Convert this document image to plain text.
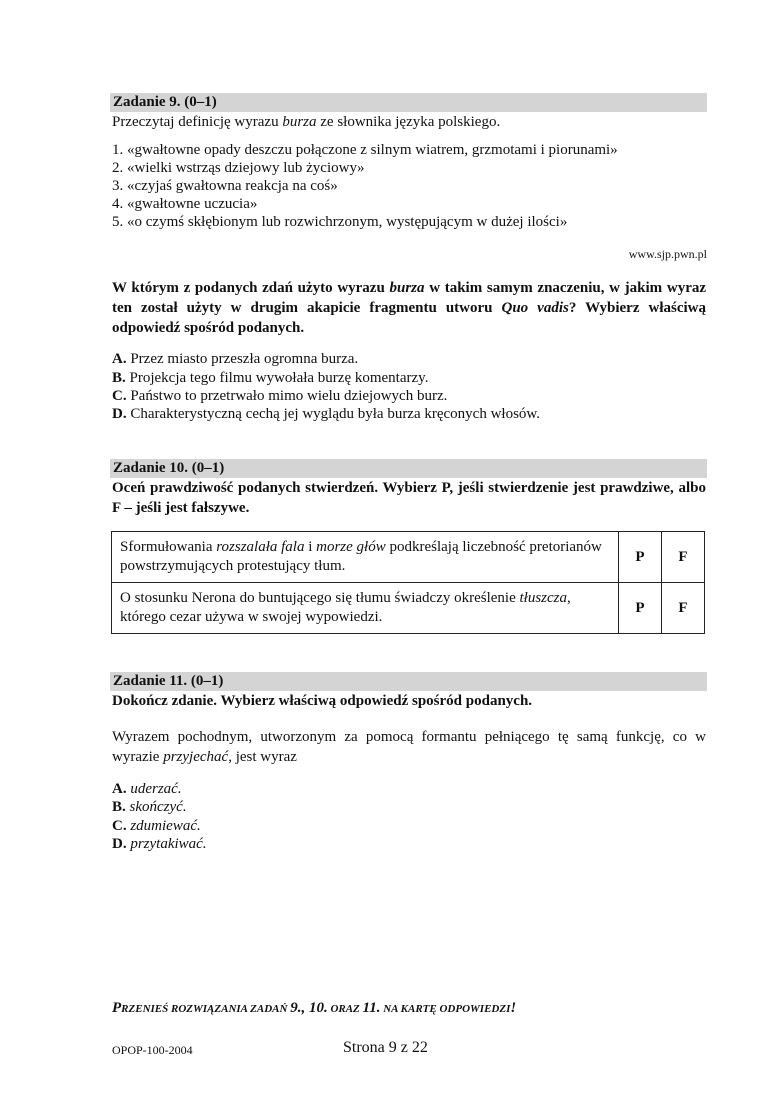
Zadanie 9. (0–1)
Przeczytaj definicję wyrazu burza ze słownika języka polskiego.
1. «gwałtowne opady deszczu połączone z silnym wiatrem, grzmotami i piorunami»
2. «wielki wstrząs dziejowy lub życiowy»
3. «czyjaś gwałtowna reakcja na coś»
4. «gwałtowne uczucia»
5. «o czymś skłębionym lub rozwichrzonym, występującym w dużej ilości»
www.sjp.pwn.pl
W którym z podanych zdań użyto wyrazu burza w takim samym znaczeniu, w jakim wyraz ten został użyty w drugim akapicie fragmentu utworu Quo vadis? Wybierz właściwą odpowiedź spośród podanych.
A. Przez miasto przeszła ogromna burza.
B. Projekcja tego filmu wywołała burzę komentarzy.
C. Państwo to przetrwało mimo wielu dziejowych burz.
D. Charakterystyczną cechą jej wyglądu była burza kręconych włosów.
Zadanie 10. (0–1)
Oceń prawdziwość podanych stwierdzeń. Wybierz P, jeśli stwierdzenie jest prawdziwe, albo F – jeśli jest fałszywe.
Sformułowania rozszalała fala i morze głów podkreślają liczebność pretorianów powstrzymujących protestujący tłum.	P	F
O stosunku Nerona do buntującego się tłumu świadczy określenie tłuszcza, którego cezar używa w swojej wypowiedzi.	P	F
Zadanie 11. (0–1)
Dokończ zdanie. Wybierz właściwą odpowiedź spośród podanych.
Wyrazem pochodnym, utworzonym za pomocą formantu pełniącego tę samą funkcję, co w wyrazie przyjechać, jest wyraz
A. uderzać.
B. skończyć.
C. zdumiewać.
D. przytakiwać.
PRZENIEŚ ROZWIĄZANIA ZADAŃ 9., 10. ORAZ 11. NA KARTĘ ODPOWIEDZI!
OPOP-100-2004	Strona 9 z 22
